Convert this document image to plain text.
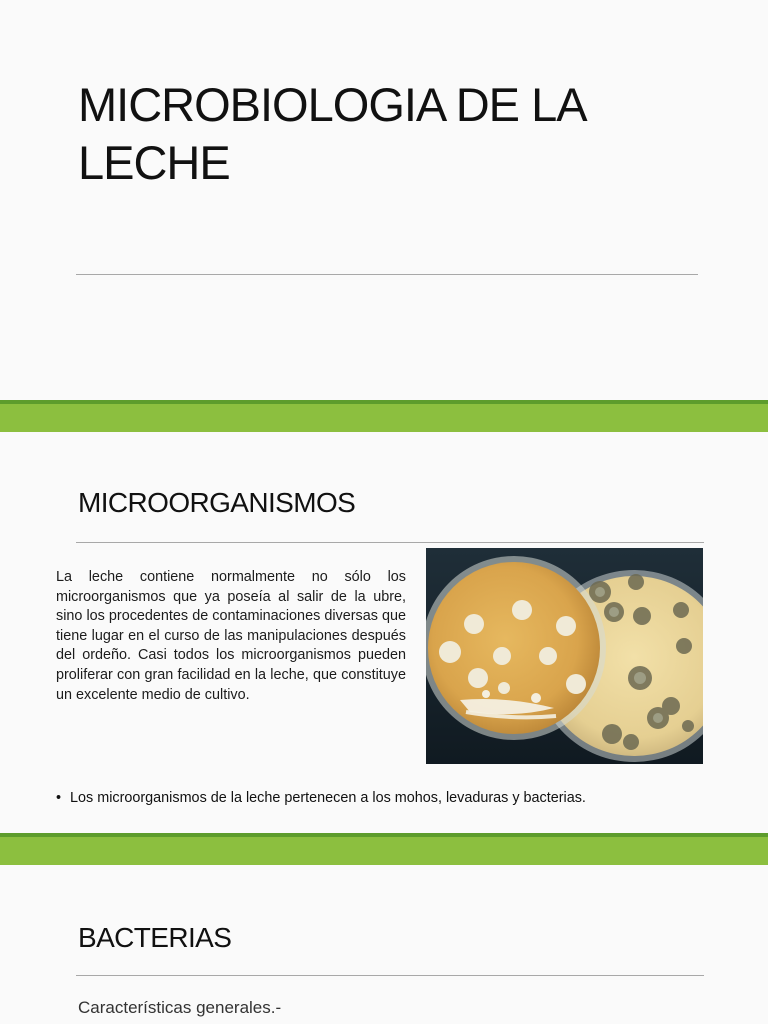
MICROBIOLOGIA DE LA LECHE
MICROORGANISMOS

La leche contiene normalmente no sólo los microorganismos que ya poseía al salir de la ubre, sino los procedentes de contaminaciones diversas que tiene lugar en el curso de las manipulaciones después del ordeño. Casi todos los microorganismos pueden proliferar con gran facilidad en la leche, que constituye un excelente medio de cultivo.

• Los microorganismos de la leche pertenecen a los mohos, levaduras y bacterias.

BACTERIAS

Características generales.-
